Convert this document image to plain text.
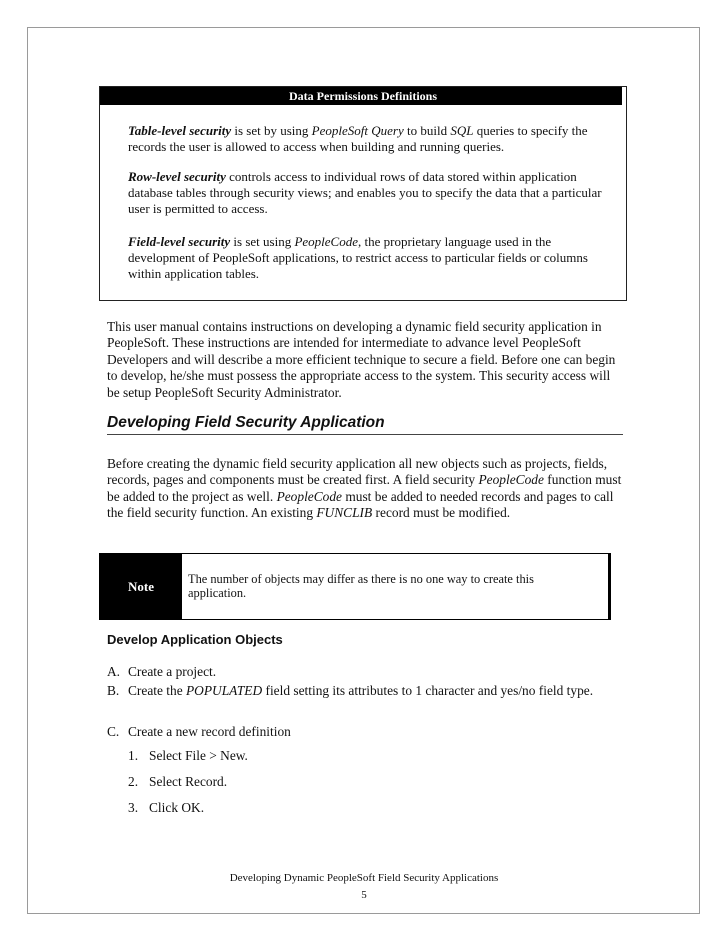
Data Permissions Definitions

Table-level security is set by using PeopleSoft Query to build SQL queries to specify the records the user is allowed to access when building and running queries.

Row-level security controls access to individual rows of data stored within application database tables through security views; and enables you to specify the data that a particular user is permitted to access.

Field-level security is set using PeopleCode, the proprietary language used in the development of PeopleSoft applications, to restrict access to particular fields or columns within application tables.

This user manual contains instructions on developing a dynamic field security application in PeopleSoft. These instructions are intended for intermediate to advance level PeopleSoft Developers and will describe a more efficient technique to secure a field. Before one can begin to develop, he/she must possess the appropriate access to the system. This security access will be setup PeopleSoft Security Administrator.

Developing Field Security Application

Before creating the dynamic field security application all new objects such as projects, fields, records, pages and components must be created first. A field security PeopleCode function must be added to the project as well. PeopleCode must be added to needed records and pages to call the field security function. An existing FUNCLIB record must be modified.

Note	The number of objects may differ as there is no one way to create this application.

Develop Application Objects
A. Create a project.
B. Create the POPULATED field setting its attributes to 1 character and yes/no field type.
C. Create a new record definition
1. Select File > New.
2. Select Record.
3. Click OK.
Developing Dynamic PeopleSoft Field Security Applications
5
